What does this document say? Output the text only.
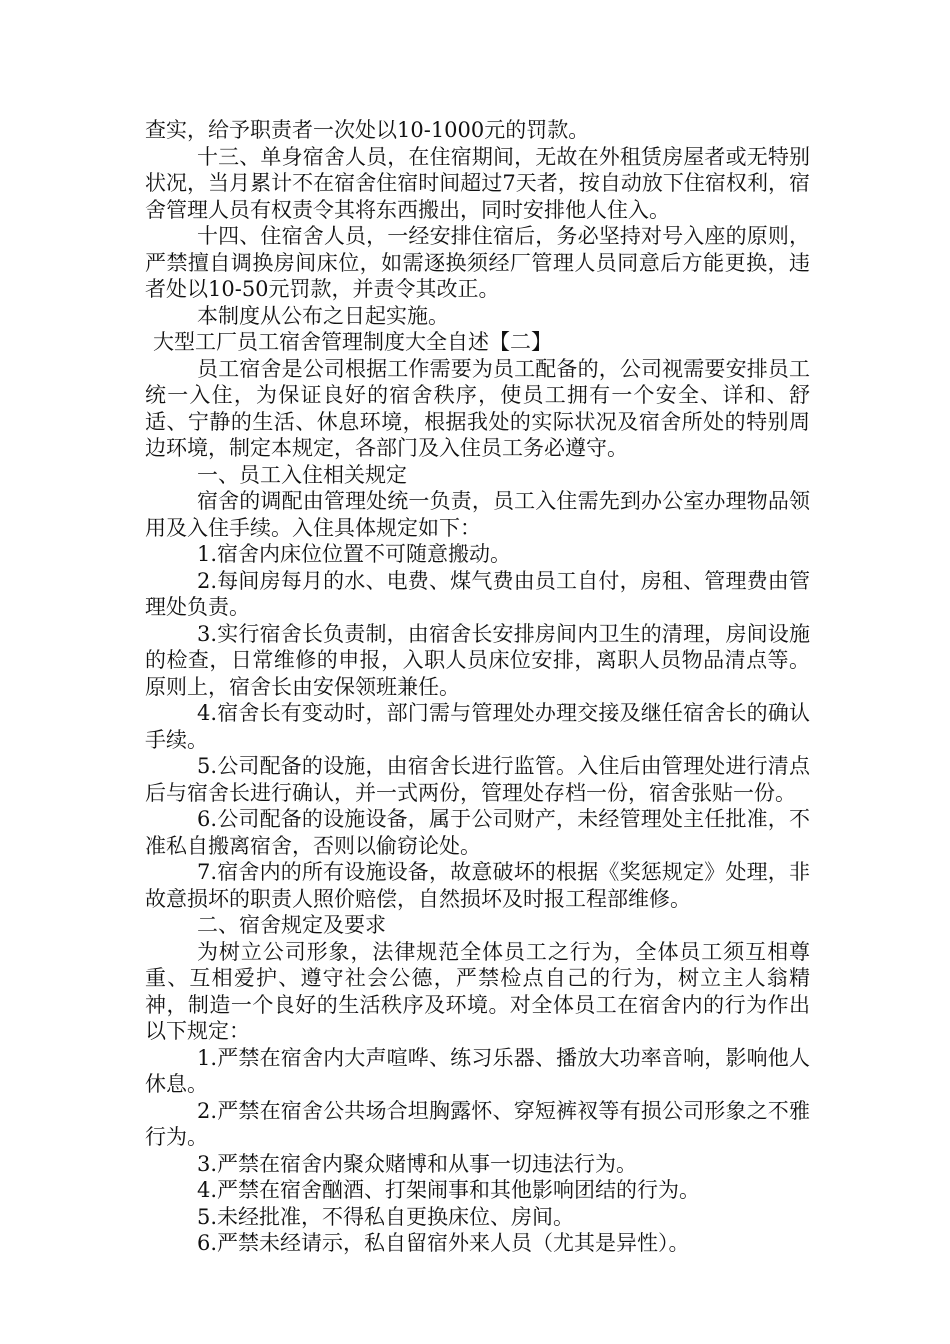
查实，给予职责者一次处以10-1000元的罚款。

十三、单身宿舍人员，在住宿期间，无故在外租赁房屋者或无特别状况，当月累计不在宿舍住宿时间超过7天者，按自动放下住宿权利，宿舍管理人员有权责令其将东西搬出，同时安排他人住入。

十四、住宿舍人员，一经安排住宿后，务必坚持对号入座的原则，严禁擅自调换房间床位，如需逐换须经厂管理人员同意后方能更换，违者处以10-50元罚款，并责令其改正。

本制度从公布之日起实施。

大型工厂员工宿舍管理制度大全自述【二】

员工宿舍是公司根据工作需要为员工配备的，公司视需要安排员工统一入住，为保证良好的宿舍秩序，使员工拥有一个安全、详和、舒适、宁静的生活、休息环境，根据我处的实际状况及宿舍所处的特别周边环境，制定本规定，各部门及入住员工务必遵守。

一、员工入住相关规定

宿舍的调配由管理处统一负责，员工入住需先到办公室办理物品领用及入住手续。入住具体规定如下：

1.宿舍内床位位置不可随意搬动。

2.每间房每月的水、电费、煤气费由员工自付，房租、管理费由管理处负责。

3.实行宿舍长负责制，由宿舍长安排房间内卫生的清理，房间设施的检查，日常维修的申报，入职人员床位安排，离职人员物品清点等。原则上，宿舍长由安保领班兼任。

4.宿舍长有变动时，部门需与管理处办理交接及继任宿舍长的确认手续。

5.公司配备的设施，由宿舍长进行监管。入住后由管理处进行清点后与宿舍长进行确认，并一式两份，管理处存档一份，宿舍张贴一份。

6.公司配备的设施设备，属于公司财产，未经管理处主任批准，不准私自搬离宿舍，否则以偷窃论处。

7.宿舍内的所有设施设备，故意破坏的根据《奖惩规定》处理，非故意损坏的职责人照价赔偿，自然损坏及时报工程部维修。

二、宿舍规定及要求

为树立公司形象，法律规范全体员工之行为，全体员工须互相尊重、互相爱护、遵守社会公德，严禁检点自己的行为，树立主人翁精神，制造一个良好的生活秩序及环境。对全体员工在宿舍内的行为作出以下规定：

1.严禁在宿舍内大声喧哗、练习乐器、播放大功率音响，影响他人休息。

2.严禁在宿舍公共场合坦胸露怀、穿短裤衩等有损公司形象之不雅行为。

3.严禁在宿舍内聚众赌博和从事一切违法行为。

4.严禁在宿舍酗酒、打架闹事和其他影响团结的行为。

5.未经批准，不得私自更换床位、房间。

6.严禁未经请示，私自留宿外来人员（尤其是异性）。
